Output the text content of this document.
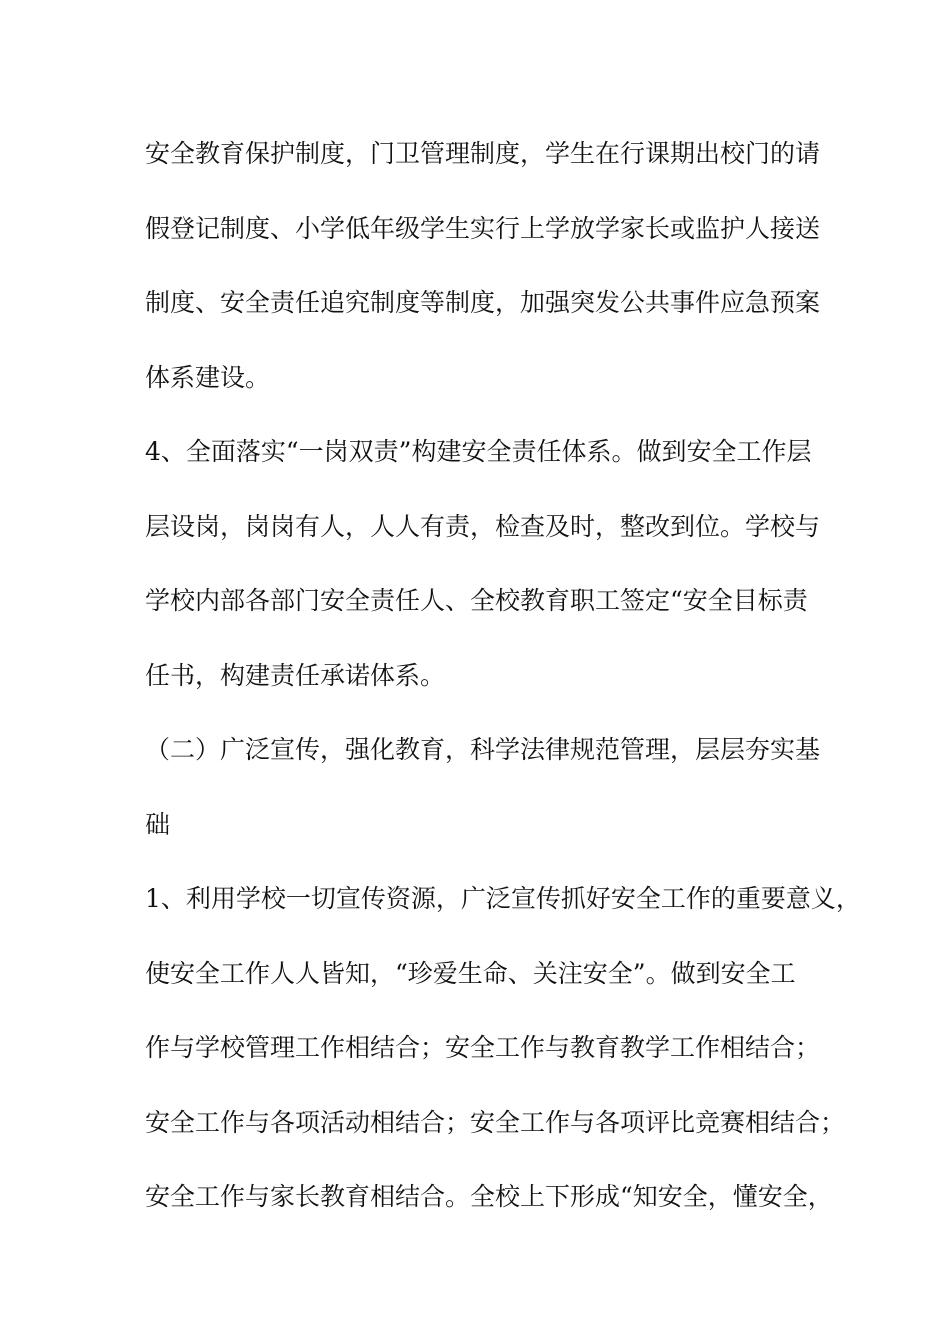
安全教育保护制度，门卫管理制度，学生在行课期出校门的请
假登记制度、小学低年级学生实行上学放学家长或监护人接送
制度、安全责任追究制度等制度，加强突发公共事件应急预案
体系建设。
4、全面落实“一岗双责”构建安全责任体系。做到安全工作层
层设岗，岗岗有人，人人有责，检查及时，整改到位。学校与
学校内部各部门安全责任人、全校教育职工签定“安全目标责
任书，构建责任承诺体系。
（二）广泛宣传，强化教育，科学法律规范管理，层层夯实基
础
1、利用学校一切宣传资源，广泛宣传抓好安全工作的重要意义，
使安全工作人人皆知，“珍爱生命、关注安全”。做到安全工
作与学校管理工作相结合；安全工作与教育教学工作相结合；
安全工作与各项活动相结合；安全工作与各项评比竞赛相结合；
安全工作与家长教育相结合。全校上下形成“知安全，懂安全，
